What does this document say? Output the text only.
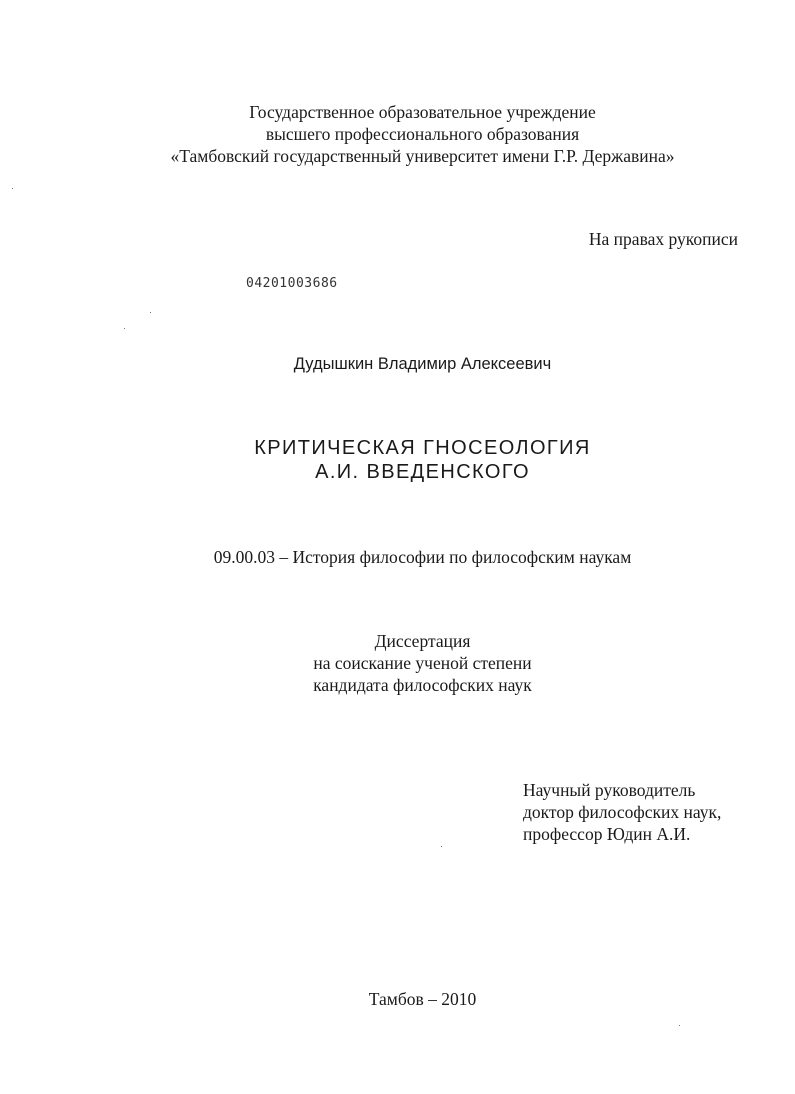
Государственное образовательное учреждение
высшего профессионального образования
«Тамбовский государственный университет имени Г.Р. Державина»
На правах рукописи
04201003686
Дудышкин Владимир Алексеевич
КРИТИЧЕСКАЯ ГНОСЕОЛОГИЯ
А.И. ВВЕДЕНСКОГО
09.00.03 – История философии по философским наукам
Диссертация
на соискание ученой степени
кандидата философских наук
Научный руководитель
доктор философских наук,
профессор Юдин А.И.
Тамбов – 2010
